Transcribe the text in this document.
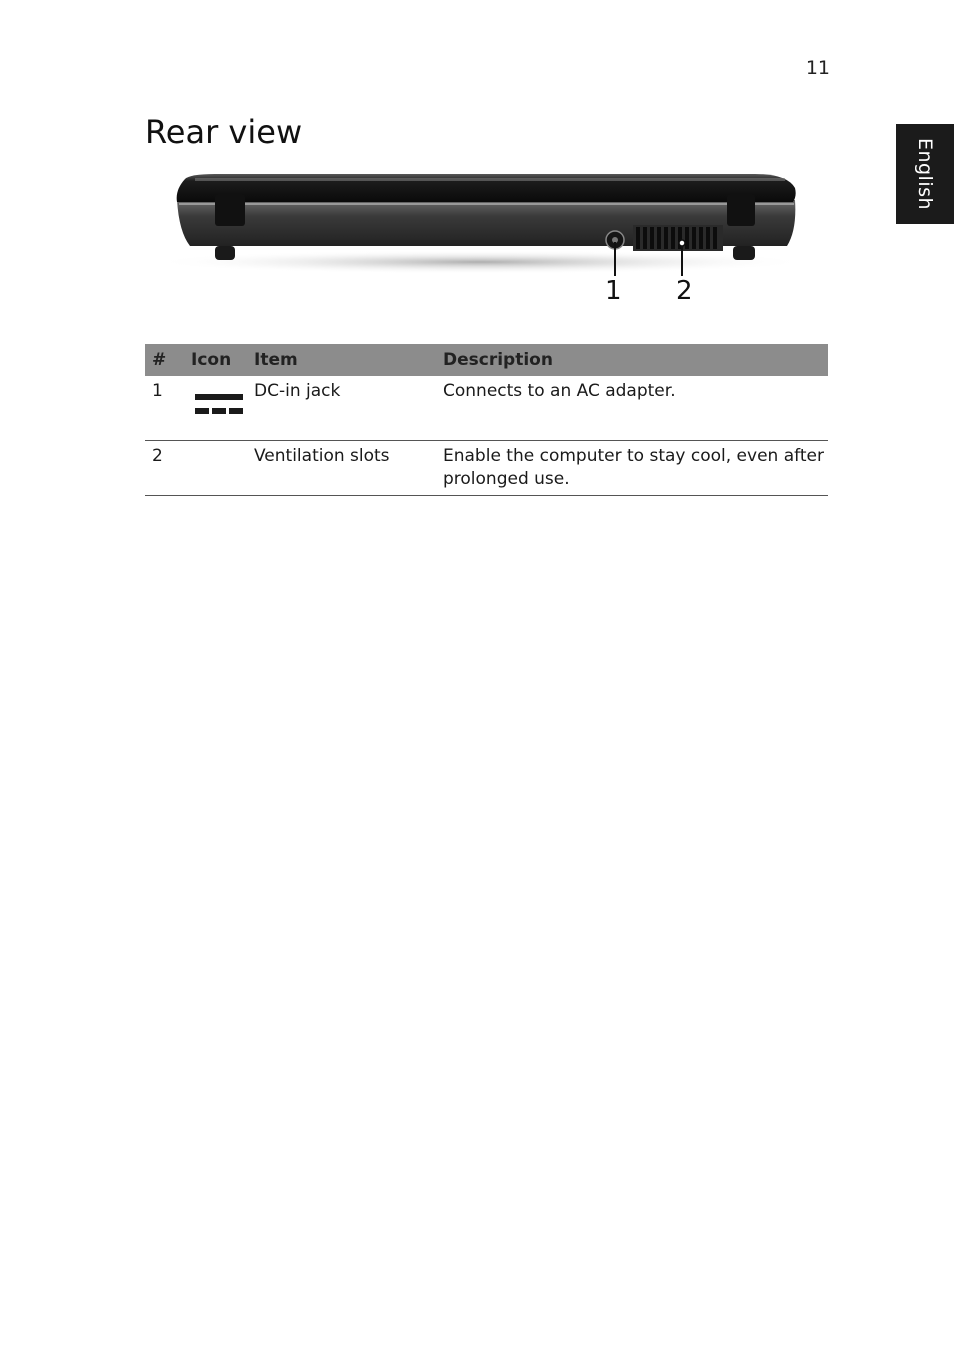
11
English
Rear view
1 2
#	Icon	Item	Description
1		DC-in jack	Connects to an AC adapter.
2		Ventilation slots	Enable the computer to stay cool, even after prolonged use.
